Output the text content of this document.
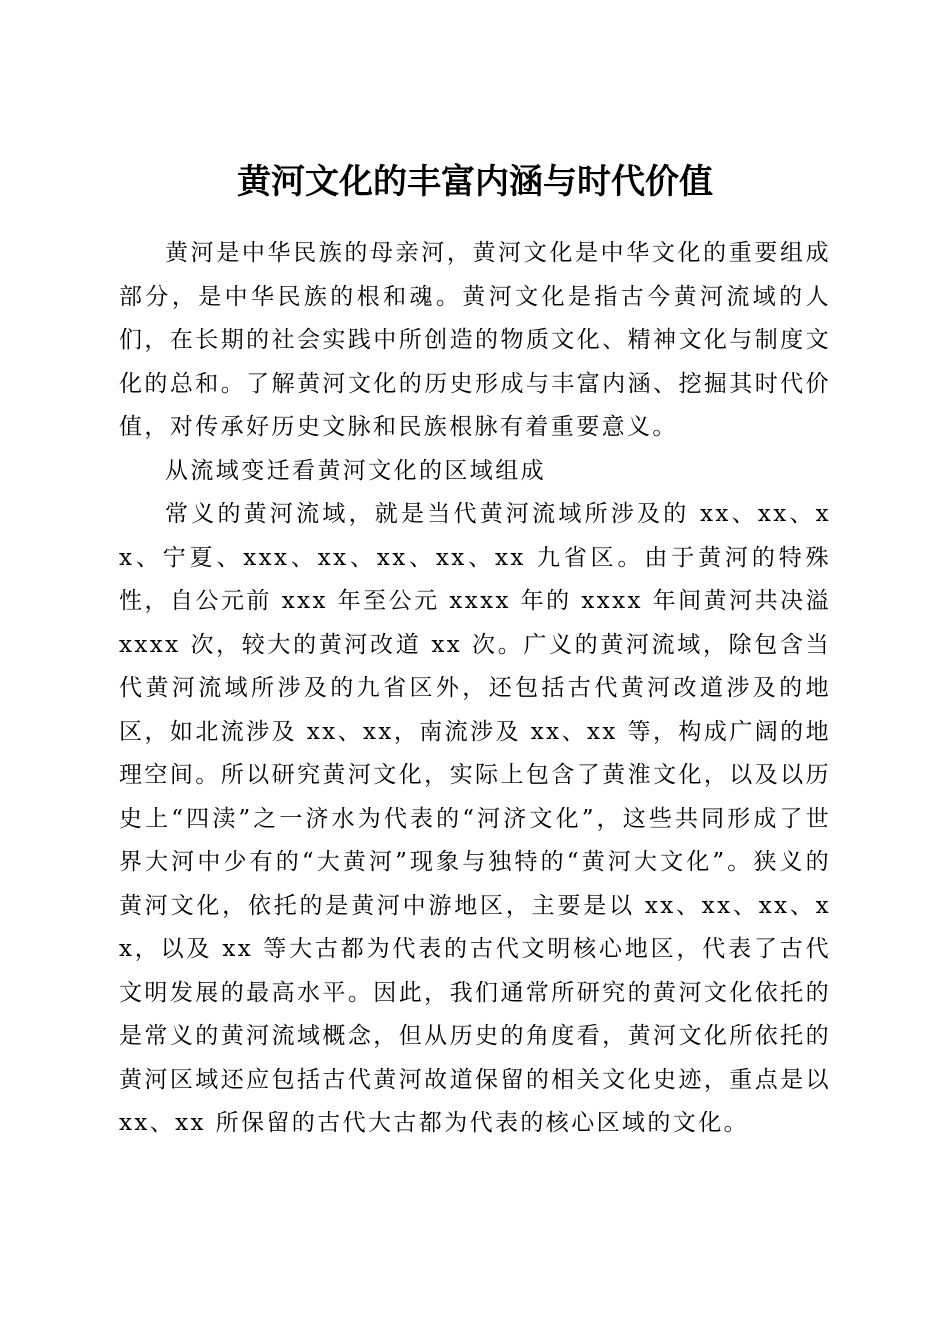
黄河文化的丰富内涵与时代价值

黄河是中华民族的母亲河，黄河文化是中华文化的重要组成部分，是中华民族的根和魂。黄河文化是指古今黄河流域的人们，在长期的社会实践中所创造的物质文化、精神文化与制度文化的总和。了解黄河文化的历史形成与丰富内涵、挖掘其时代价值，对传承好历史文脉和民族根脉有着重要意义。

从流域变迁看黄河文化的区域组成

常义的黄河流域，就是当代黄河流域所涉及的 xx、xx、xx、宁夏、xxx、xx、xx、xx、xx 九省区。由于黄河的特殊性，自公元前 xxx 年至公元 xxxx 年的 xxxx 年间黄河共决溢 xxxx 次，较大的黄河改道 xx 次。广义的黄河流域，除包含当代黄河流域所涉及的九省区外，还包括古代黄河改道涉及的地区，如北流涉及 xx、xx，南流涉及 xx、xx 等，构成广阔的地理空间。所以研究黄河文化，实际上包含了黄淮文化，以及以历史上“四渎”之一济水为代表的“河济文化”，这些共同形成了世界大河中少有的“大黄河”现象与独特的“黄河大文化”。狭义的黄河文化，依托的是黄河中游地区，主要是以 xx、xx、xx、xx，以及 xx 等大古都为代表的古代文明核心地区，代表了古代文明发展的最高水平。因此，我们通常所研究的黄河文化依托的是常义的黄河流域概念，但从历史的角度看，黄河文化所依托的黄河区域还应包括古代黄河故道保留的相关文化史迹，重点是以 xx、xx 所保留的古代大古都为代表的核心区域的文化。
